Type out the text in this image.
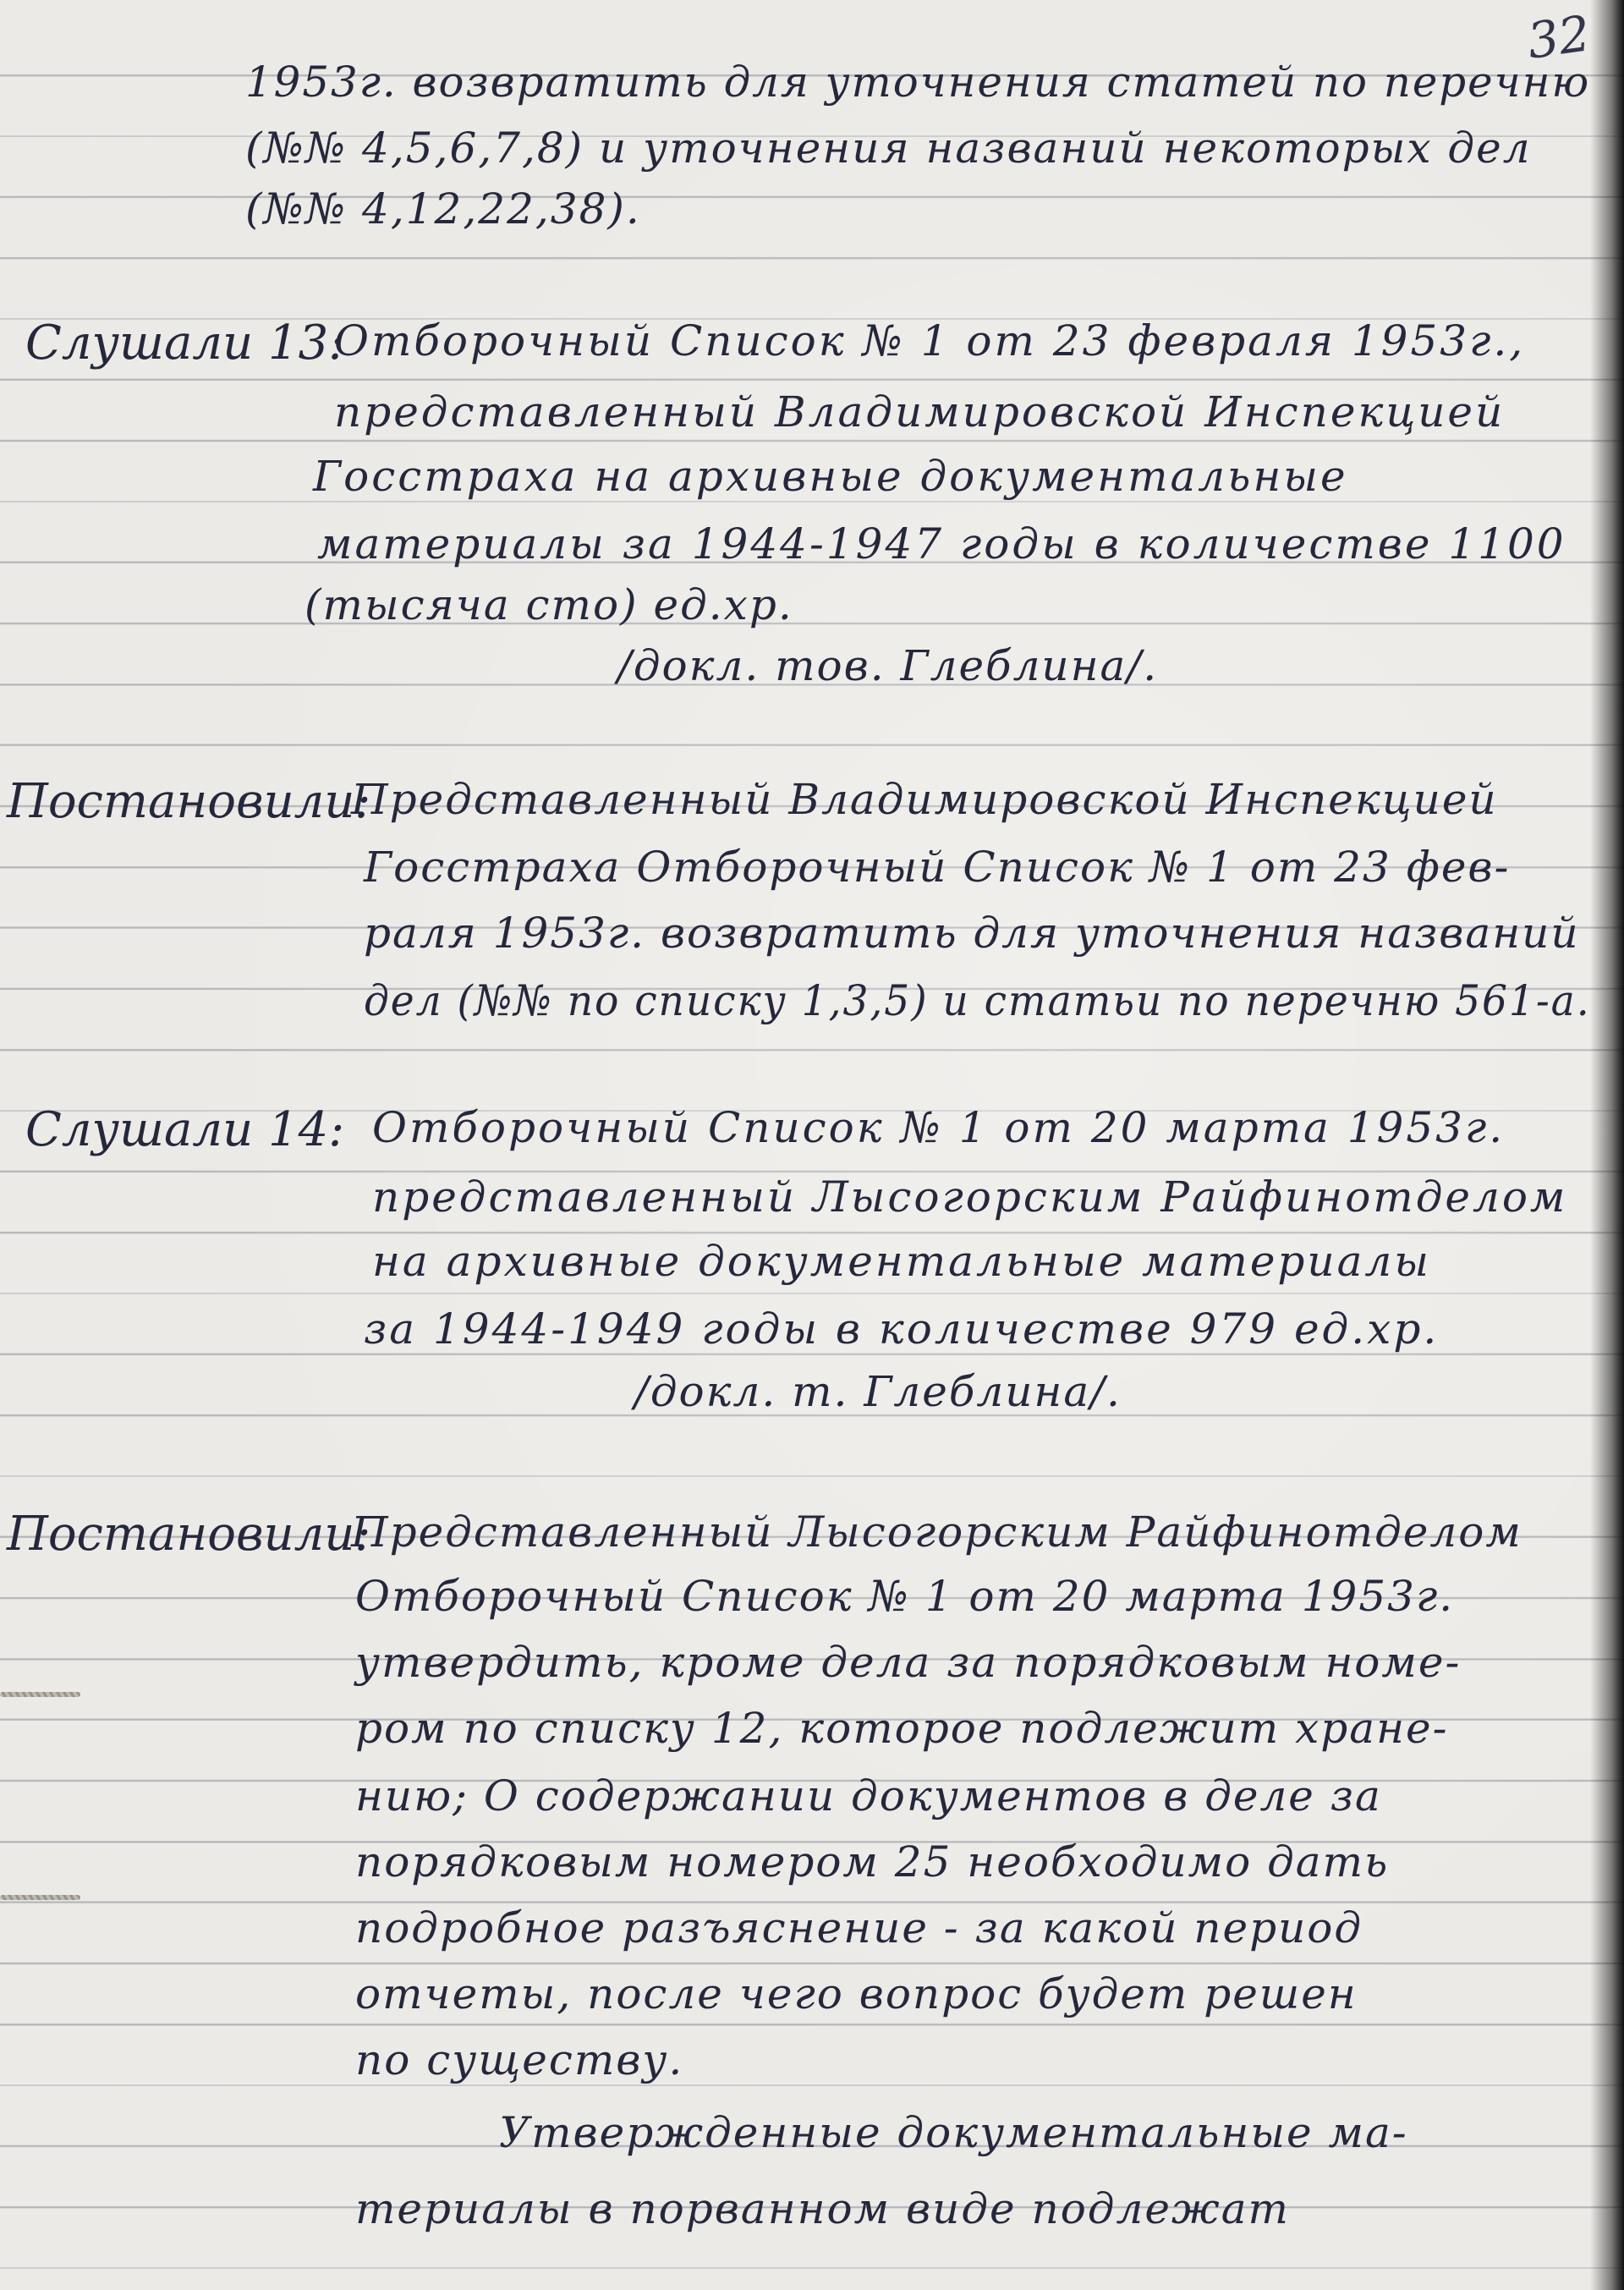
32
1953г. возвратить для уточнения статей по перечню
(№№ 4,5,6,7,8) и уточнения названий некоторых дел
(№№ 4,12,22,38).
Слушали 13:
Отборочный Список № 1 от 23 февраля 1953г.,
представленный Владимировской Инспекцией
Госстраха на архивные документальные
материалы за 1944-1947 годы в количестве 1100
(тысяча сто) ед.хр.
/докл. тов. Глеблина/.
Постановили:
Представленный Владимировской Инспекцией
Госстраха Отборочный Список № 1 от 23 фев-
раля 1953г. возвратить для уточнения названий
дел (№№ по списку 1,3,5) и статьи по перечню 561-а.
Слушали 14: Отборочный Список № 1 от 20 марта 1953г.
представленный Лысогорским Райфинотделом
на архивные документальные материалы
за 1944-1949 годы в количестве 979 ед.хр.
/докл. т. Глеблина/.
Постановили:
Представленный Лысогорским Райфинотделом
Отборочный Список № 1 от 20 марта 1953г.
утвердить, кроме дела за порядковым номе-
ром по списку 12, которое подлежит хране-
нию; О содержании документов в деле за
порядковым номером 25 необходимо дать
подробное разъяснение - за какой период
отчеты, после чего вопрос будет решен
по существу.
Утвержденные документальные ма-
териалы в порванном виде подлежат
